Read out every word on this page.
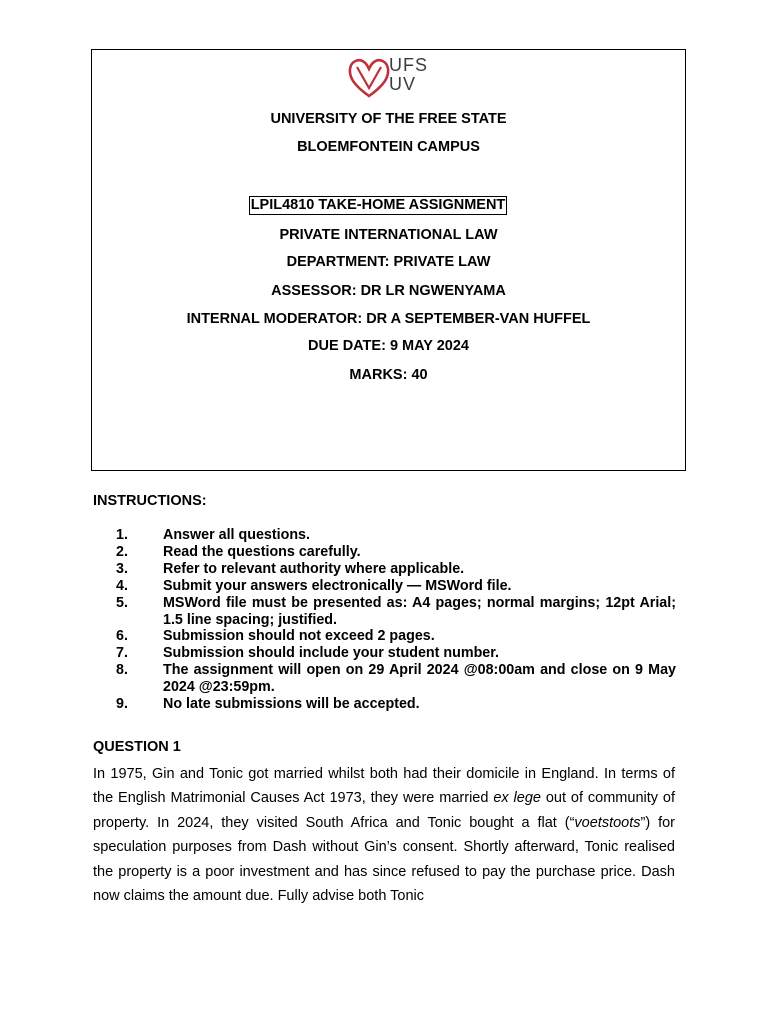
UFS
UV
UNIVERSITY OF THE FREE STATE
BLOEMFONTEIN CAMPUS
LPIL4810 TAKE-HOME ASSIGNMENT
PRIVATE INTERNATIONAL LAW
DEPARTMENT: PRIVATE LAW
ASSESSOR: DR LR NGWENYAMA
INTERNAL MODERATOR: DR A SEPTEMBER-VAN HUFFEL
DUE DATE: 9 MAY 2024
MARKS: 40
INSTRUCTIONS:
1.	Answer all questions.
2.	Read the questions carefully.
3.	Refer to relevant authority where applicable.
4.	Submit your answers electronically — MSWord file.
5.	MSWord file must be presented as: A4 pages; normal margins; 12pt Arial; 1.5 line spacing; justified.
6.	Submission should not exceed 2 pages.
7.	Submission should include your student number.
8.	The assignment will open on 29 April 2024 @08:00am and close on 9 May 2024 @23:59pm.
9.	No late submissions will be accepted.
QUESTION 1

In 1975, Gin and Tonic got married whilst both had their domicile in England. In terms of the English Matrimonial Causes Act 1973, they were married ex lege out of community of property. In 2024, they visited South Africa and Tonic bought a flat (“voetstoots”) for speculation purposes from Dash without Gin’s consent. Shortly afterward, Tonic realised the property is a poor investment and has since refused to pay the purchase price. Dash now claims the amount due. Fully advise both Tonic
